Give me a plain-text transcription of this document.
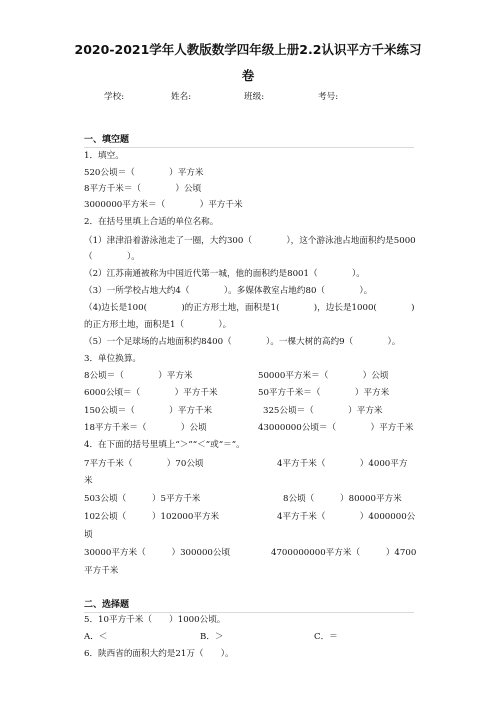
2020-2021学年人教版数学四年级上册2.2认识平方千米练习
卷
学校:	姓名:	班级:	考号:
一、填空题
1．填空。
520公顷＝（　　　　）平方米
8平方千米＝（　　　　）公顷
3000000平方米＝（　　　　）平方千米
2．在括号里填上合适的单位名称。
（1）津津沿着游泳池走了一圈，大约300（　　　　），这个游泳池占地面积约是5000
（　　　　）。
（2）江苏南通被称为中国近代第一城，他的面积约是8001（　　　　）。
（3）一所学校占地大约4（　　　　）。多媒体教室占地约80（　　　　）。
（4)边长是100(　　　　)的正方形土地，面积是1(　　　　)，边长是1000(　　　　)
的正方形土地，面积是1（　　　　）。
（5）一个足球场的占地面积约8400（　　　　）。一棵大树的高约9（　　　　）。
3．单位换算。
8公顷＝（　　　　）平方米	50000平方米＝（　　　　）公顷
6000公顷＝（　　　　）平方千米	50平方千米＝（　　　　）平方米
150公顷＝（　　　　）平方千米	325公顷＝（　　　　）平方米
18平方千米＝（　　　　）公顷	43000000公顷＝（　　　　）平方千米
4．在下面的括号里填上“＞”“＜”或“＝”。
7平方千米（　　　　）70公顷	4平方千米（　　　　）4000平方
米
503公顷（　　　）5平方千米	8公顷（　　　）80000平方米
102公顷（　　　）102000平方米	4平方千米（　　　　）4000000公
顷
30000平方米（　　　）300000公顷	4700000000平方米（　　　）4700
平方千米
二、选择题
5．10平方千米（　　）1000公顷。
A．＜	B．＞	C．＝
6．陕西省的面积大约是21万（　　）。
